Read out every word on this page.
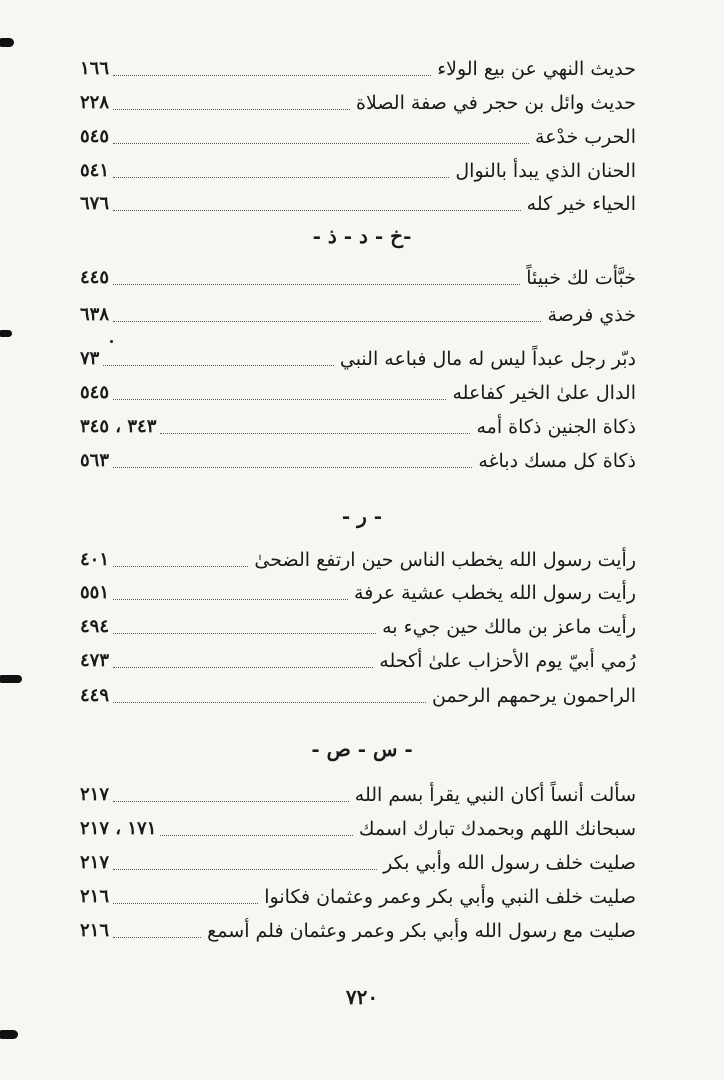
حديث النهي عن بيع الولاء
١٦٦
حديث وائل بن حجر في صفة الصلاة
٢٢٨
الحرب خدْعة
٥٤٥
الحنان الذي يبدأ بالنوال
٥٤١
الحياء خير كله
٦٧٦
-خ - د - ذ -
خبَّأت لك خبيئاً
٤٤٥
خذي فرصة
٦٣٨
دبّر رجل عبداً ليس له مال فباعه النبي
٧٣
الدال علىٰ الخير كفاعله
٥٤٥
ذكاة الجنين ذكاة أمه
٣٤٣ ، ٣٤٥
ذكاة كل مسك دباغه
٥٦٣
- ر -
رأيت رسول الله يخطب الناس حين ارتفع الضحىٰ
٤٠١
رأيت رسول الله يخطب عشية عرفة
٥٥١
رأيت ماعز بن مالك حين جيء به
٤٩٤
رُمي أبيّ يوم الأحزاب علىٰ أكحله
٤٧٣
الراحمون يرحمهم الرحمن
٤٤٩
- س - ص -
سألت أنساً أكان النبي يقرأ بسم الله
٢١٧
سبحانك اللهم وبحمدك تبارك اسمك
١٧١ ، ٢١٧
صليت خلف رسول الله وأبي بكر
٢١٧
صليت خلف النبي وأبي بكر وعمر وعثمان فكانوا
٢١٦
صليت مع رسول الله وأبي بكر وعمر وعثمان فلم أسمع
٢١٦
٧٢٠
